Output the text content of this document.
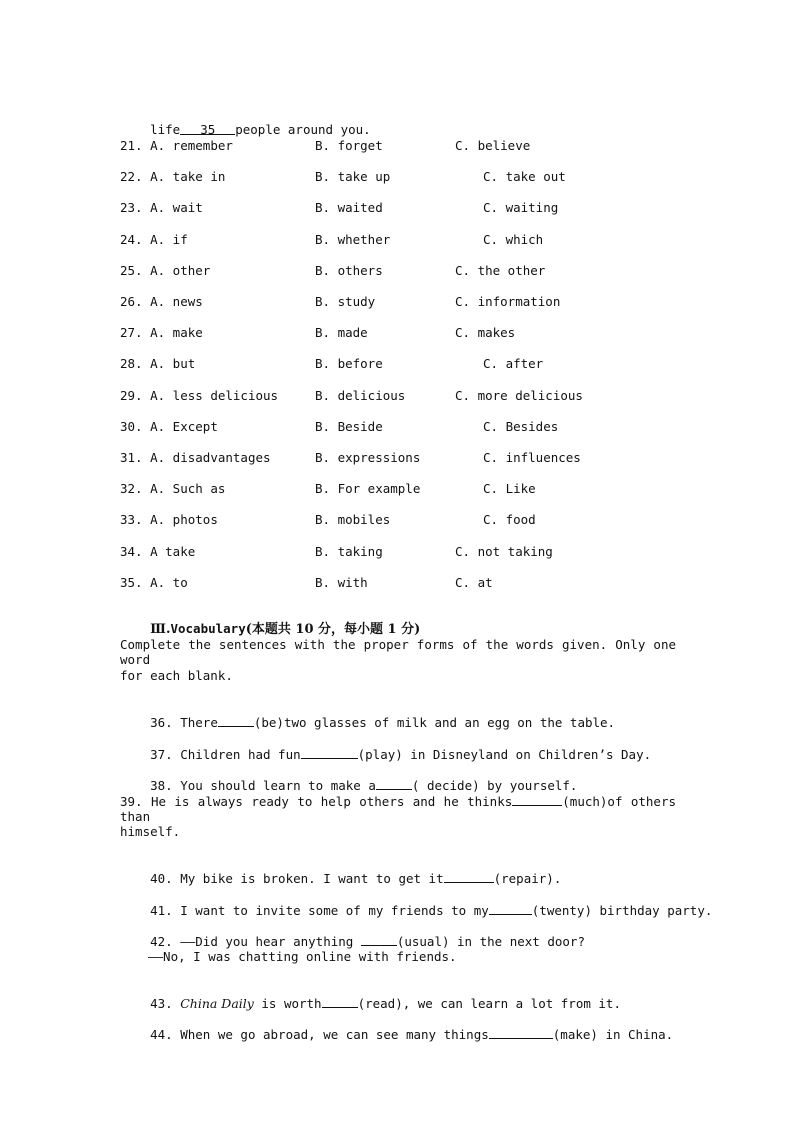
life 35 people around you.

21. A. remember	B. forget	C. believe
22. A. take in	B. take up	C. take out
23. A. wait	B. waited	C. waiting
24. A. if	B. whether	C. which
25. A. other	B. others	C. the other
26. A. news	B. study	C. information
27. A. make	B. made	C. makes
28. A. but	B. before	C. after
29. A. less delicious	B. delicious	C. more delicious
30. A. Except	B. Beside	C. Besides
31. A. disadvantages	B. expressions	C. influences
32. A. Such as	B. For example	C. Like
33. A. photos	B. mobiles	C. food
34. A take	B. taking	C. not taking
35. A. to	B. with	C. at

Ⅲ.Vocabulary(本题共 10 分，每小题 1 分)

Complete the sentences with the proper forms of the words given. Only one word
for each blank.

36. There	(be)two glasses of milk and an egg on the table.

37. Children had fun	(play) in Disneyland on Children’s Day.

38. You should learn to make a	( decide) by yourself.

39. He is always ready to help others and he thinks	(much)of others than
himself.

40. My bike is broken. I want to get it	(repair).

41. I want to invite some of my friends to my	(twenty) birthday party.

42. ——Did you hear anything	(usual) in the next door?

——No, I was chatting online with friends.

43. China Daily is worth	(read), we can learn a lot from it.

44. When we go abroad, we can see many things	(make) in China.
